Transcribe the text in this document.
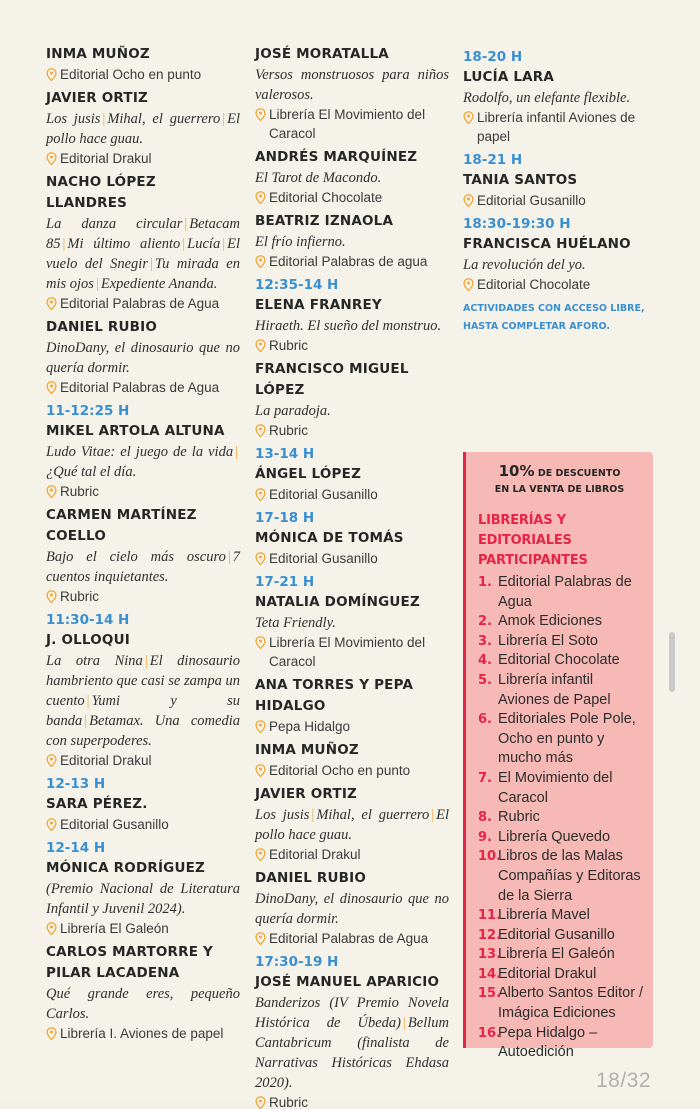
INMA MUÑOZ
Editorial Ocho en punto
JAVIER ORTIZ
Los jusis | Mihal, el guerrero | El pollo hace guau.
Editorial Drakul
NACHO LÓPEZ LLANDRES
La danza circular | Betacam 85 | Mi último aliento | Lucía | El vuelo del Snegir | Tu mirada en mis ojos | Expediente Ananda.
Editorial Palabras de Agua
DANIEL RUBIO
DinoDany, el dinosaurio que no quería dormir.
Editorial Palabras de Agua
11-12:25 H
MIKEL ARTOLA ALTUNA
Ludo Vitae: el juego de la vida |¿Qué tal el día.
Rubric
CARMEN MARTÍNEZ COELLO
Bajo el cielo más oscuro | 7 cuentos inquietantes.
Rubric
11:30-14 H
J. OLLOQUI
La otra Nina | El dinosaurio hambriento que casi se zampa un cuento | Yumi y su banda | Betamax. Una comedia con superpoderes.
Editorial Drakul
12-13 H
SARA PÉREZ.
Editorial Gusanillo
12-14 H
MÓNICA RODRÍGUEZ
(Premio Nacional de Literatura Infantil y Juvenil 2024).
Librería El Galeón
CARLOS MARTORRE Y PILAR LACADENA
Qué grande eres, pequeño Carlos.
Librería I. Aviones de papel
JOSÉ MORATALLA
Versos monstruosos para niños valerosos.
Librería El Movimiento del Caracol
ANDRÉS MARQUÍNEZ
El Tarot de Macondo.
Editorial Chocolate
BEATRIZ IZNAOLA
El frío infierno.
Editorial Palabras de agua
12:35-14 H
ELENA FRANREY
Hiraeth. El sueño del monstruo.
Rubric
FRANCISCO MIGUEL LÓPEZ
La paradoja.
Rubric
13-14 H
ÁNGEL LÓPEZ
Editorial Gusanillo
17-18 H
MÓNICA DE TOMÁS
Editorial Gusanillo
17-21 H
NATALIA DOMÍNGUEZ
Teta Friendly.
Librería El Movimiento del Caracol
ANA TORRES Y PEPA HIDALGO
Pepa Hidalgo
INMA MUÑOZ
Editorial Ocho en punto
JAVIER ORTIZ
Los jusis | Mihal, el guerrero | El pollo hace guau.
Editorial Drakul
DANIEL RUBIO
DinoDany, el dinosaurio que no quería dormir.
Editorial Palabras de Agua
17:30-19 H
JOSÉ MANUEL APARICIO
Banderizos (IV Premio Novela Histórica de Úbeda) | Bellum Cantabricum (finalista de Narrativas Históricas Ehdasa 2020).
Rubric
18-20 H
LUCÍA LARA
Rodolfo, un elefante flexible.
Librería infantil Aviones de papel
18-21 H
TANIA SANTOS
Editorial Gusanillo
18:30-19:30 H
FRANCISCA HUÉLANO
La revolución del yo.
Editorial Chocolate
ACTIVIDADES CON ACCESO LIBRE, HASTA COMPLETAR AFORO.
10% DE DESCUENTO
EN LA VENTA DE LIBROS
LIBRERÍAS Y EDITORIALES PARTICIPANTES
1. Editorial Palabras de Agua
2. Amok Ediciones
3. Librería El Soto
4. Editorial Chocolate
5. Librería infantil Aviones de Papel
6. Editoriales Pole Pole, Ocho en punto y mucho más
7. El Movimiento del Caracol
8. Rubric
9. Librería Quevedo
10.
Libros de las Malas Compañías y Editoras de la Sierra
11.
Librería Mavel
12.
Editorial Gusanillo
13.
Librería El Galeón
14.
Editorial Drakul
15.
Alberto Santos Editor / Imágica Ediciones
16.
Pepa Hidalgo – Autoedición
18/32
